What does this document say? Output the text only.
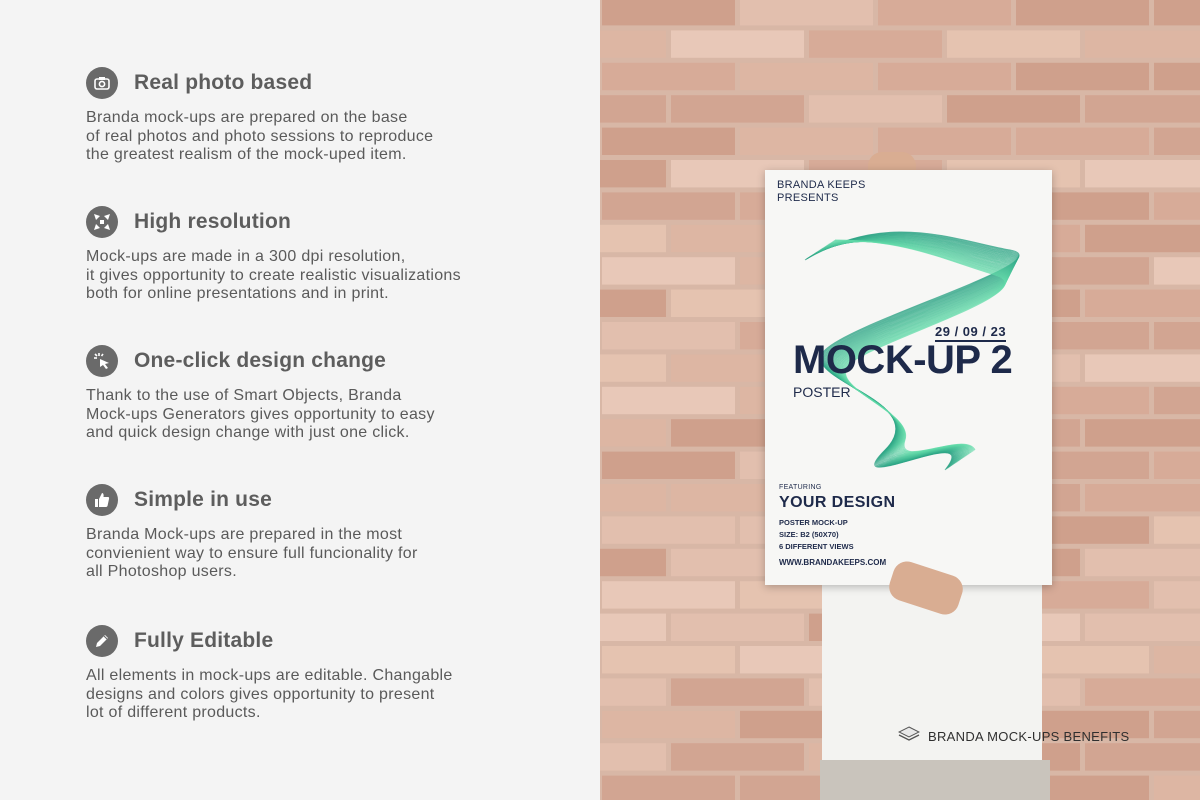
Real photo based
Branda mock-ups are prepared on the base
of real photos and photo sessions to reproduce
the greatest realism of the mock-uped item.
High resolution
Mock-ups are made in a 300 dpi resolution,
it gives opportunity to create realistic visualizations
both for online presentations and in print.
One-click design change
Thank to the use of Smart Objects, Branda
Mock-ups Generators gives opportunity to easy
and quick design change with just one click.
Simple in use
Branda Mock-ups are prepared in the most
convienient way to ensure full funcionality for
all Photoshop users.
Fully Editable
All elements in mock-ups are editable. Changable
designs and colors gives opportunity to present
lot of different products.
BRANDA KEEPS
PRESENTS
29 / 09 / 23
MOCK-UP 2
POSTER
FEATURING
YOUR DESIGN
POSTER MOCK-UP
SIZE: B2 (50X70)
6 DIFFERENT VIEWS
WWW.BRANDAKEEPS.COM
BRANDA MOCK-UPS BENEFITS
